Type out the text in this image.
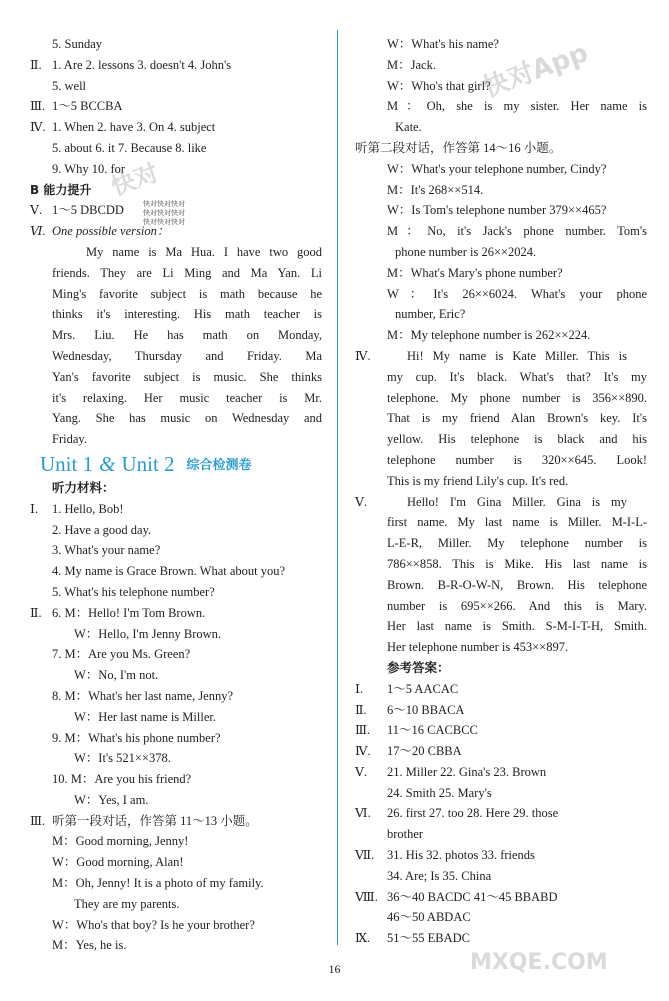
5. Sunday
Ⅱ. 1. Are 2. lessons 3. doesn't 4. John's
5. well
Ⅲ. 1～5 BCCBA
Ⅳ. 1. When 2. have 3. On 4. subject
5. about 6. it 7. Because 8. like
9. Why 10. for
B 能力提升
Ⅴ. 1～5 DBCDD
Ⅵ. One possible version：
My name is Ma Hua. I have two good
friends. They are Li Ming and Ma Yan. Li
Ming's favorite subject is math because he
thinks it's interesting. His math teacher is
Mrs. Liu. He has math on Monday,
Wednesday, Thursday and Friday. Ma
Yan's favorite subject is music. She thinks
it's relaxing. Her music teacher is Mr.
Yang. She has music on Wednesday and
Friday.
Unit 1 & Unit 2 综合检测卷
听力材料：
Ⅰ. 1. Hello, Bob!
2. Have a good day.
3. What's your name?
4. My name is Grace Brown. What about you?
5. What's his telephone number?
Ⅱ. 6. M：Hello! I'm Tom Brown.
W：Hello, I'm Jenny Brown.
7. M：Are you Ms. Green?
W：No, I'm not.
8. M：What's her last name, Jenny?
W：Her last name is Miller.
9. M：What's his phone number?
W：It's 521××378.
10. M：Are you his friend?
W：Yes, I am.
Ⅲ. 听第一段对话，作答第 11～13 小题。
M：Good morning, Jenny!
W：Good morning, Alan!
M：Oh, Jenny! It is a photo of my family.
They are my parents.
W：Who's that boy? Is he your brother?
M：Yes, he is.
W：What's his name?
M：Jack.
W：Who's that girl?
M：Oh, she is my sister. Her name is
Kate.
听第二段对话，作答第 14～16 小题。
W：What's your telephone number, Cindy?
M：It's 268××514.
W：Is Tom's telephone number 379××465?
M：No, it's Jack's phone number. Tom's
phone number is 26××2024.
M：What's Mary's phone number?
W：It's 26××6024. What's your phone
number, Eric?
M：My telephone number is 262××224.
Ⅳ.	Hi! My name is Kate Miller. This is
my cup. It's black. What's that? It's my
telephone. My phone number is 356××890.
That is my friend Alan Brown's key. It's
yellow. His telephone is black and his
telephone number is 320××645. Look!
This is my friend Lily's cup. It's red.
Ⅴ.	Hello! I'm Gina Miller. Gina is my
first name. My last name is Miller. M-I-L-
L-E-R, Miller. My telephone number is
786××858. This is Mike. His last name is
Brown. B-R-O-W-N, Brown. His telephone
number is 695××266. And this is Mary.
Her last name is Smith. S-M-I-T-H, Smith.
Her telephone number is 453××897.
参考答案：
Ⅰ. 1～5 AACAC
Ⅱ. 6～10 BBACA
Ⅲ. 11～16 CACBCC
Ⅳ. 17～20 CBBA
Ⅴ. 21. Miller 22. Gina's 23. Brown
24. Smith 25. Mary's
Ⅵ. 26. first 27. too 28. Here 29. those
brother
Ⅶ. 31. His 32. photos 33. friends
34. Are; Is 35. China
Ⅷ. 36～40 BACDC 41～45 BBABD
46～50 ABDAC
Ⅸ. 51～55 EBADC
快对快对快对
快对快对快对
快对快对快对
快对App
快对
MXQE.COM
16
